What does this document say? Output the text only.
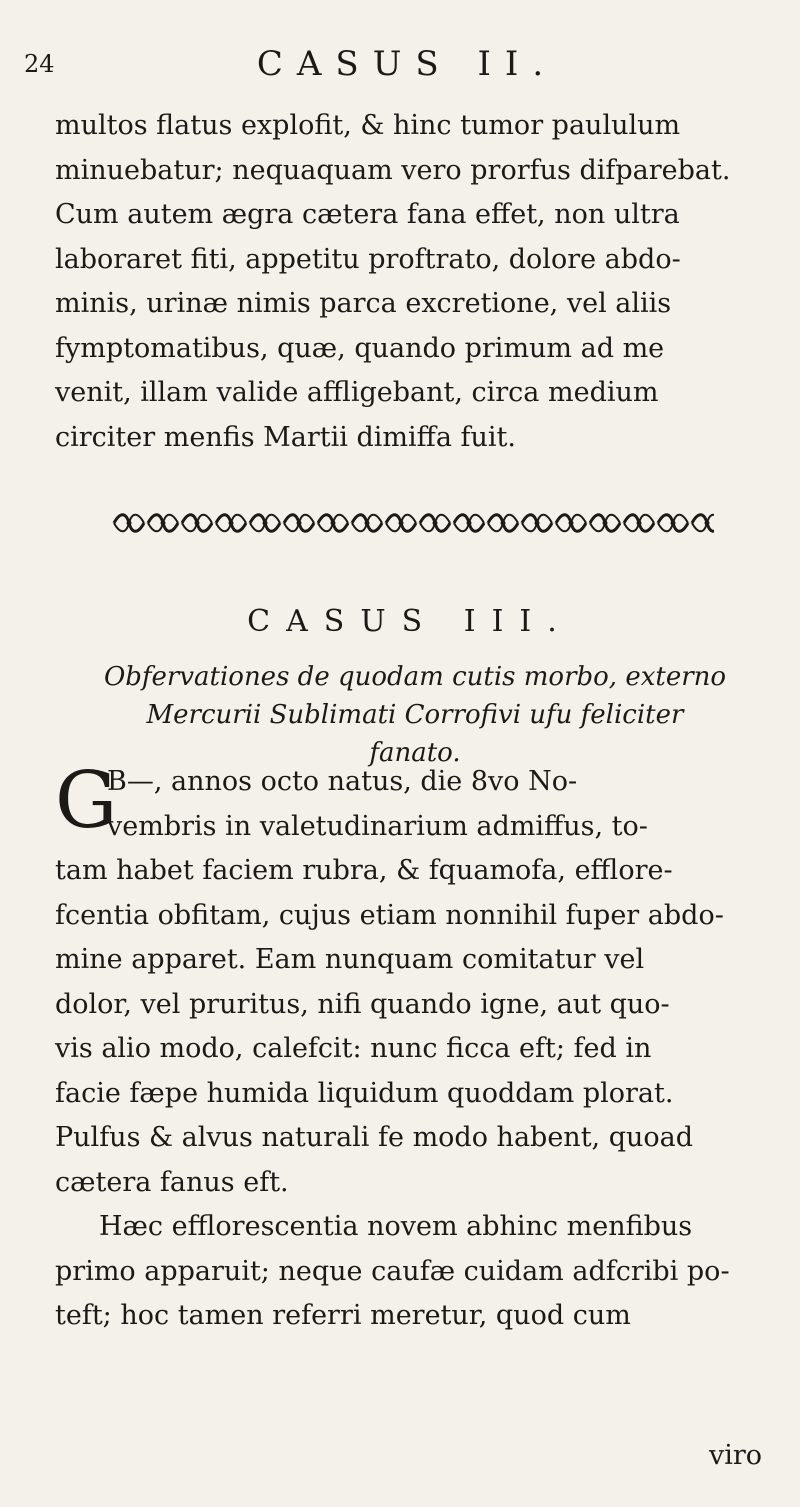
24	CASUS II.
multos flatus explofit, & hinc tumor paululum
minuebatur; nequaquam vero prorfus difparebat.
Cum autem ægra cætera fana effet, non ultra
laboraret fiti, appetitu proftrato, dolore abdo-
minis, urinæ nimis parca excretione, vel aliis
fymptomatibus, quæ, quando primum ad me
venit, illam valide affligebant, circa medium
circiter menfis Martii dimiffa fuit.
CASUS III.
Obfervationes de quodam cutis morbo, externo
Mercurii Sublimati Corrofivi ufu feliciter
fanato.
G
B—, annos octo natus, die 8vo No-
vembris in valetudinarium admiffus, to-
tam habet faciem rubra, & fquamofa, efflore-
fcentia obfitam, cujus etiam nonnihil fuper abdo-
mine apparet. Eam nunquam comitatur vel
dolor, vel pruritus, nifi quando igne, aut quo-
vis alio modo, calefcit: nunc ficca eft; fed in
facie fæpe humida liquidum quoddam plorat.
Pulfus & alvus naturali fe modo habent, quoad
cætera fanus eft.
Hæc efflorescentia novem abhinc menfibus
primo apparuit; neque caufæ cuidam adfcribi po-
teft; hoc tamen referri meretur, quod cum
viro
